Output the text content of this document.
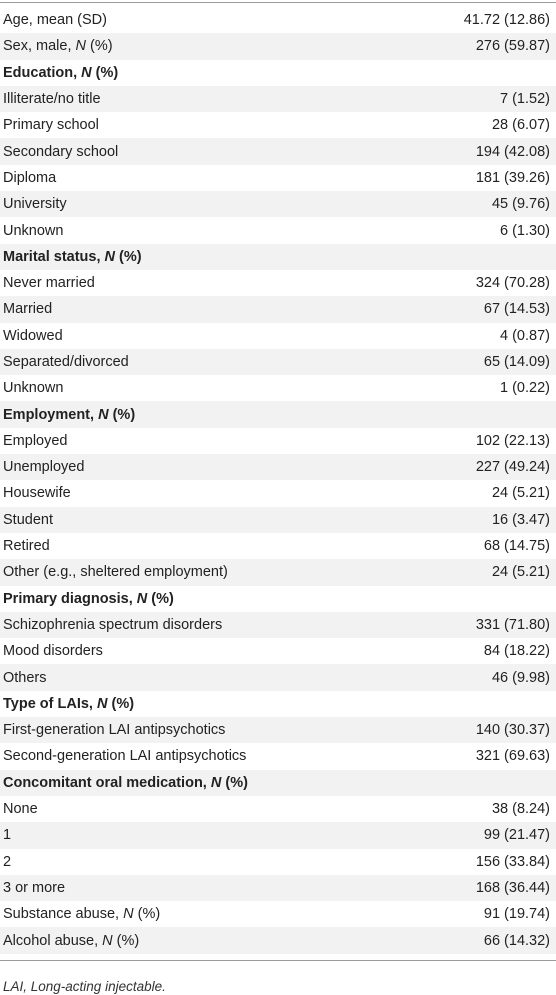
Age, mean (SD)	41.72 (12.86)
Sex, male, N (%)	276 (59.87)
Education, N (%)
Illiterate/no title	7 (1.52)
Primary school	28 (6.07)
Secondary school	194 (42.08)
Diploma	181 (39.26)
University	45 (9.76)
Unknown	6 (1.30)
Marital status, N (%)
Never married	324 (70.28)
Married	67 (14.53)
Widowed	4 (0.87)
Separated/divorced	65 (14.09)
Unknown	1 (0.22)
Employment, N (%)
Employed	102 (22.13)
Unemployed	227 (49.24)
Housewife	24 (5.21)
Student	16 (3.47)
Retired	68 (14.75)
Other (e.g., sheltered employment)	24 (5.21)
Primary diagnosis, N (%)
Schizophrenia spectrum disorders	331 (71.80)
Mood disorders	84 (18.22)
Others	46 (9.98)
Type of LAIs, N (%)
First-generation LAI antipsychotics	140 (30.37)
Second-generation LAI antipsychotics	321 (69.63)
Concomitant oral medication, N (%)
None	38 (8.24)
1	99 (21.47)
2	156 (33.84)
3 or more	168 (36.44)
Substance abuse, N (%)	91 (19.74)
Alcohol abuse, N (%)	66 (14.32)
LAI, Long-acting injectable.
